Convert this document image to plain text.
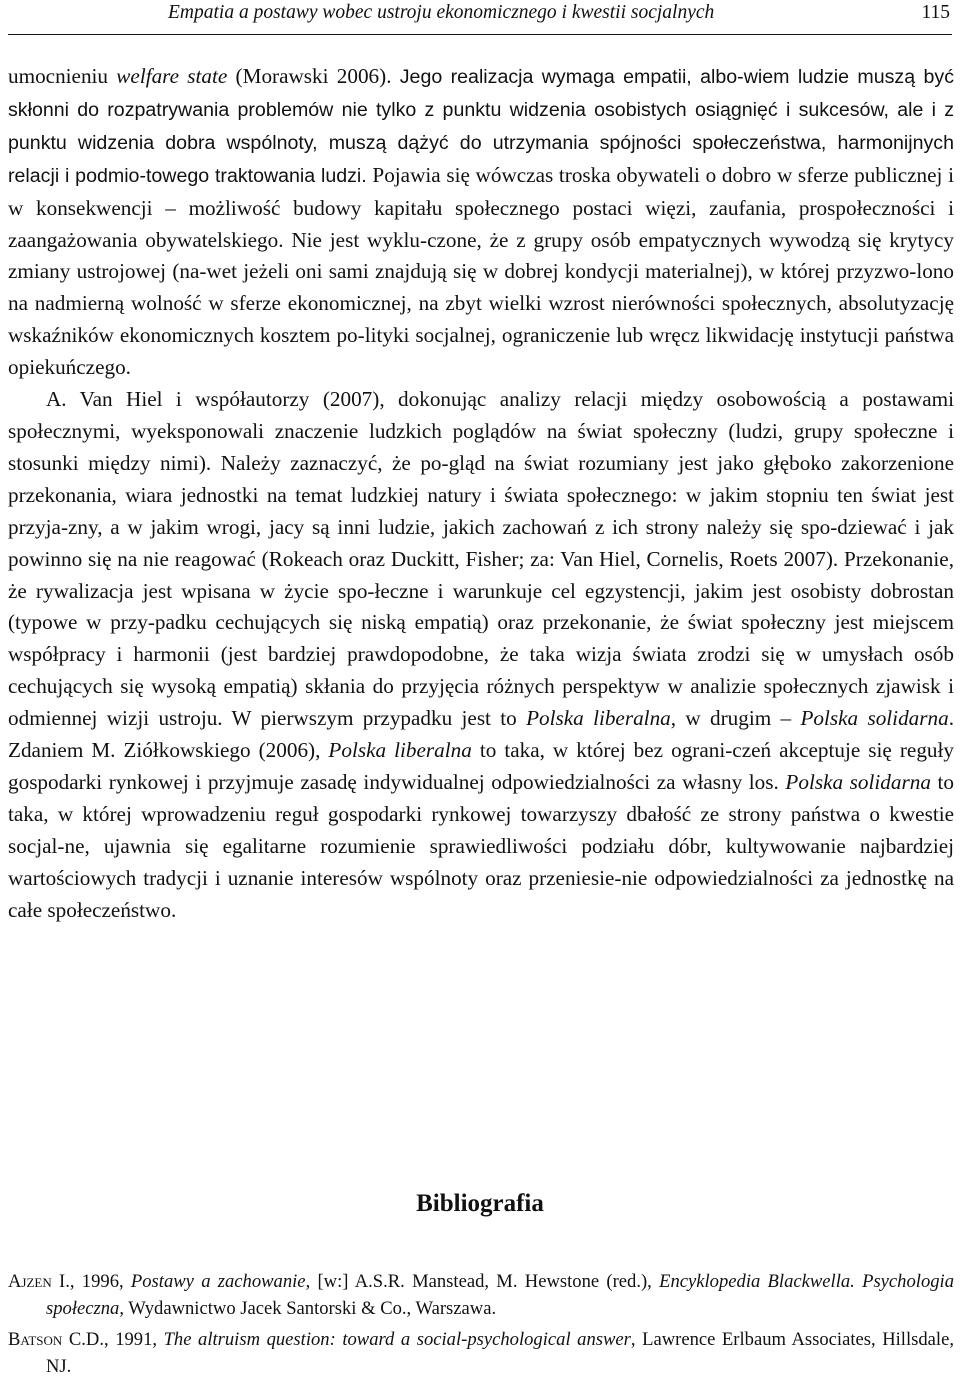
Empatia a postawy wobec ustroju ekonomicznego i kwestii socjalnych	115

umocnieniu welfare state (Morawski 2006). Jego realizacja wymaga empatii, albo-wiem ludzie muszą być skłonni do rozpatrywania problemów nie tylko z punktu widzenia osobistych osiągnięć i sukcesów, ale i z punktu widzenia dobra wspólnoty, muszą dążyć do utrzymania spójności społeczeństwa, harmonijnych relacji i podmio-towego traktowania ludzi. Pojawia się wówczas troska obywateli o dobro w sferze publicznej i w konsekwencji – możliwość budowy kapitału społecznego postaci więzi, zaufania, prospołeczności i zaangażowania obywatelskiego. Nie jest wyklu-czone, że z grupy osób empatycznych wywodzą się krytycy zmiany ustrojowej (na-wet jeżeli oni sami znajdują się w dobrej kondycji materialnej), w której przyzwo-lono na nadmierną wolność w sferze ekonomicznej, na zbyt wielki wzrost nierówności społecznych, absolutyzację wskaźników ekonomicznych kosztem po-lityki socjalnej, ograniczenie lub wręcz likwidację instytucji państwa opiekuńczego.

A. Van Hiel i współautorzy (2007), dokonując analizy relacji między osobowością a postawami społecznymi, wyeksponowali znaczenie ludzkich poglądów na świat społeczny (ludzi, grupy społeczne i stosunki między nimi). Należy zaznaczyć, że po-gląd na świat rozumiany jest jako głęboko zakorzenione przekonania, wiara jednostki na temat ludzkiej natury i świata społecznego: w jakim stopniu ten świat jest przyja-zny, a w jakim wrogi, jacy są inni ludzie, jakich zachowań z ich strony należy się spo-dziewać i jak powinno się na nie reagować (Rokeach oraz Duckitt, Fisher; za: Van Hiel, Cornelis, Roets 2007). Przekonanie, że rywalizacja jest wpisana w życie spo-łeczne i warunkuje cel egzystencji, jakim jest osobisty dobrostan (typowe w przy-padku cechujących się niską empatią) oraz przekonanie, że świat społeczny jest miejscem współpracy i harmonii (jest bardziej prawdopodobne, że taka wizja świata zrodzi się w umysłach osób cechujących się wysoką empatią) skłania do przyjęcia różnych perspektyw w analizie społecznych zjawisk i odmiennej wizji ustroju. W pierwszym przypadku jest to Polska liberalna, w drugim – Polska solidarna. Zdaniem M. Ziółkowskiego (2006), Polska liberalna to taka, w której bez ograni-czeń akceptuje się reguły gospodarki rynkowej i przyjmuje zasadę indywidualnej odpowiedzialności za własny los. Polska solidarna to taka, w której wprowadzeniu reguł gospodarki rynkowej towarzyszy dbałość ze strony państwa o kwestie socjal-ne, ujawnia się egalitarne rozumienie sprawiedliwości podziału dóbr, kultywowanie najbardziej wartościowych tradycji i uznanie interesów wspólnoty oraz przeniesie-nie odpowiedzialności za jednostkę na całe społeczeństwo.

Bibliografia

Ajzen I., 1996, Postawy a zachowanie, [w:] A.S.R. Manstead, M. Hewstone (red.), Encyklopedia Blackwella. Psychologia społeczna, Wydawnictwo Jacek Santorski & Co., Warszawa.

Batson C.D., 1991, The altruism question: toward a social-psychological answer, Lawrence Erlbaum Associates, Hillsdale, NJ.
